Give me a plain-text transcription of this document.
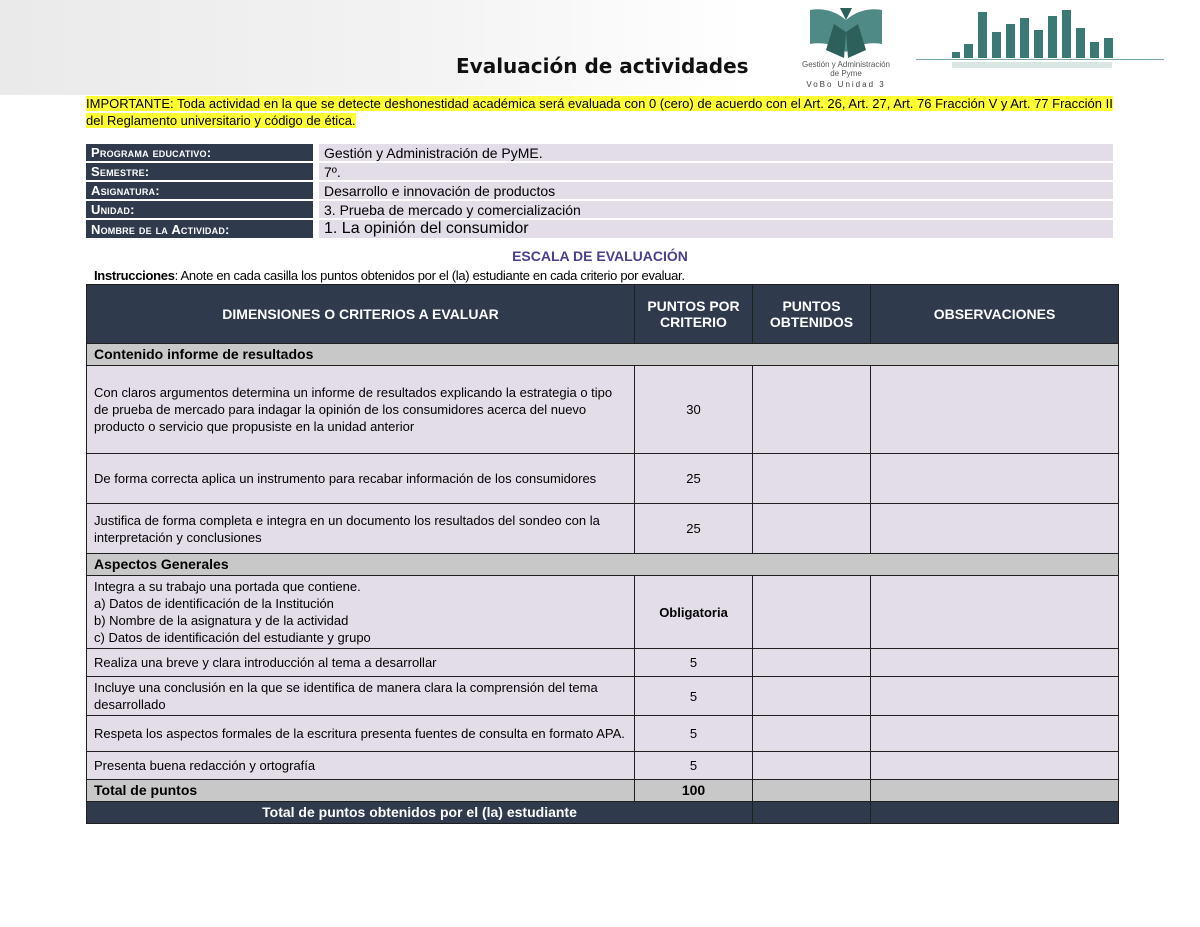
Evaluación de actividades	Gestión y Administración
de Pyme
VoBo Unidad 3
IMPORTANTE: Toda actividad en la que se detecte deshonestidad académica será evaluada con 0 (cero) de acuerdo con el Art. 26, Art. 27, Art. 76 Fracción V y Art. 77 Fracción II del Reglamento universitario y código de ética.
Programa educativo:	Gestión y Administración de PyME.
Semestre:	7º.
Asignatura:	Desarrollo e innovación de productos
Unidad:	3. Prueba de mercado y comercialización
Nombre de la Actividad:	1. La opinión del consumidor
ESCALA DE EVALUACIÓN
Instrucciones: Anote en cada casilla los puntos obtenidos por el (la) estudiante en cada criterio por evaluar.
DIMENSIONES O CRITERIOS A EVALUAR	PUNTOS POR CRITERIO	PUNTOS OBTENIDOS	OBSERVACIONES
Contenido informe de resultados			
Con claros argumentos determina un informe de resultados explicando la estrategia o tipo de prueba de mercado para indagar la opinión de los consumidores acerca del nuevo producto o servicio que propusiste en la unidad anterior	30		
De forma correcta aplica un instrumento para recabar información de los consumidores	25		
Justifica de forma completa e integra en un documento los resultados del sondeo con la interpretación y conclusiones	25		
Aspectos Generales			

Integra a su trabajo una portada que contiene.
a) Datos de identificación de la Institución
b) Nombre de la asignatura y de la actividad
c) Datos de identificación del estudiante y grupo	Obligatoria		
Realiza una breve y clara introducción al tema a desarrollar	5		
Incluye una conclusión en la que se identifica de manera clara la comprensión del tema desarrollado	5		
Respeta los aspectos formales de la escritura presenta fuentes de consulta en formato APA.	5		
Presenta buena redacción y ortografía	5		
Total de puntos	100		
Total de puntos obtenidos por el (la) estudiante			
